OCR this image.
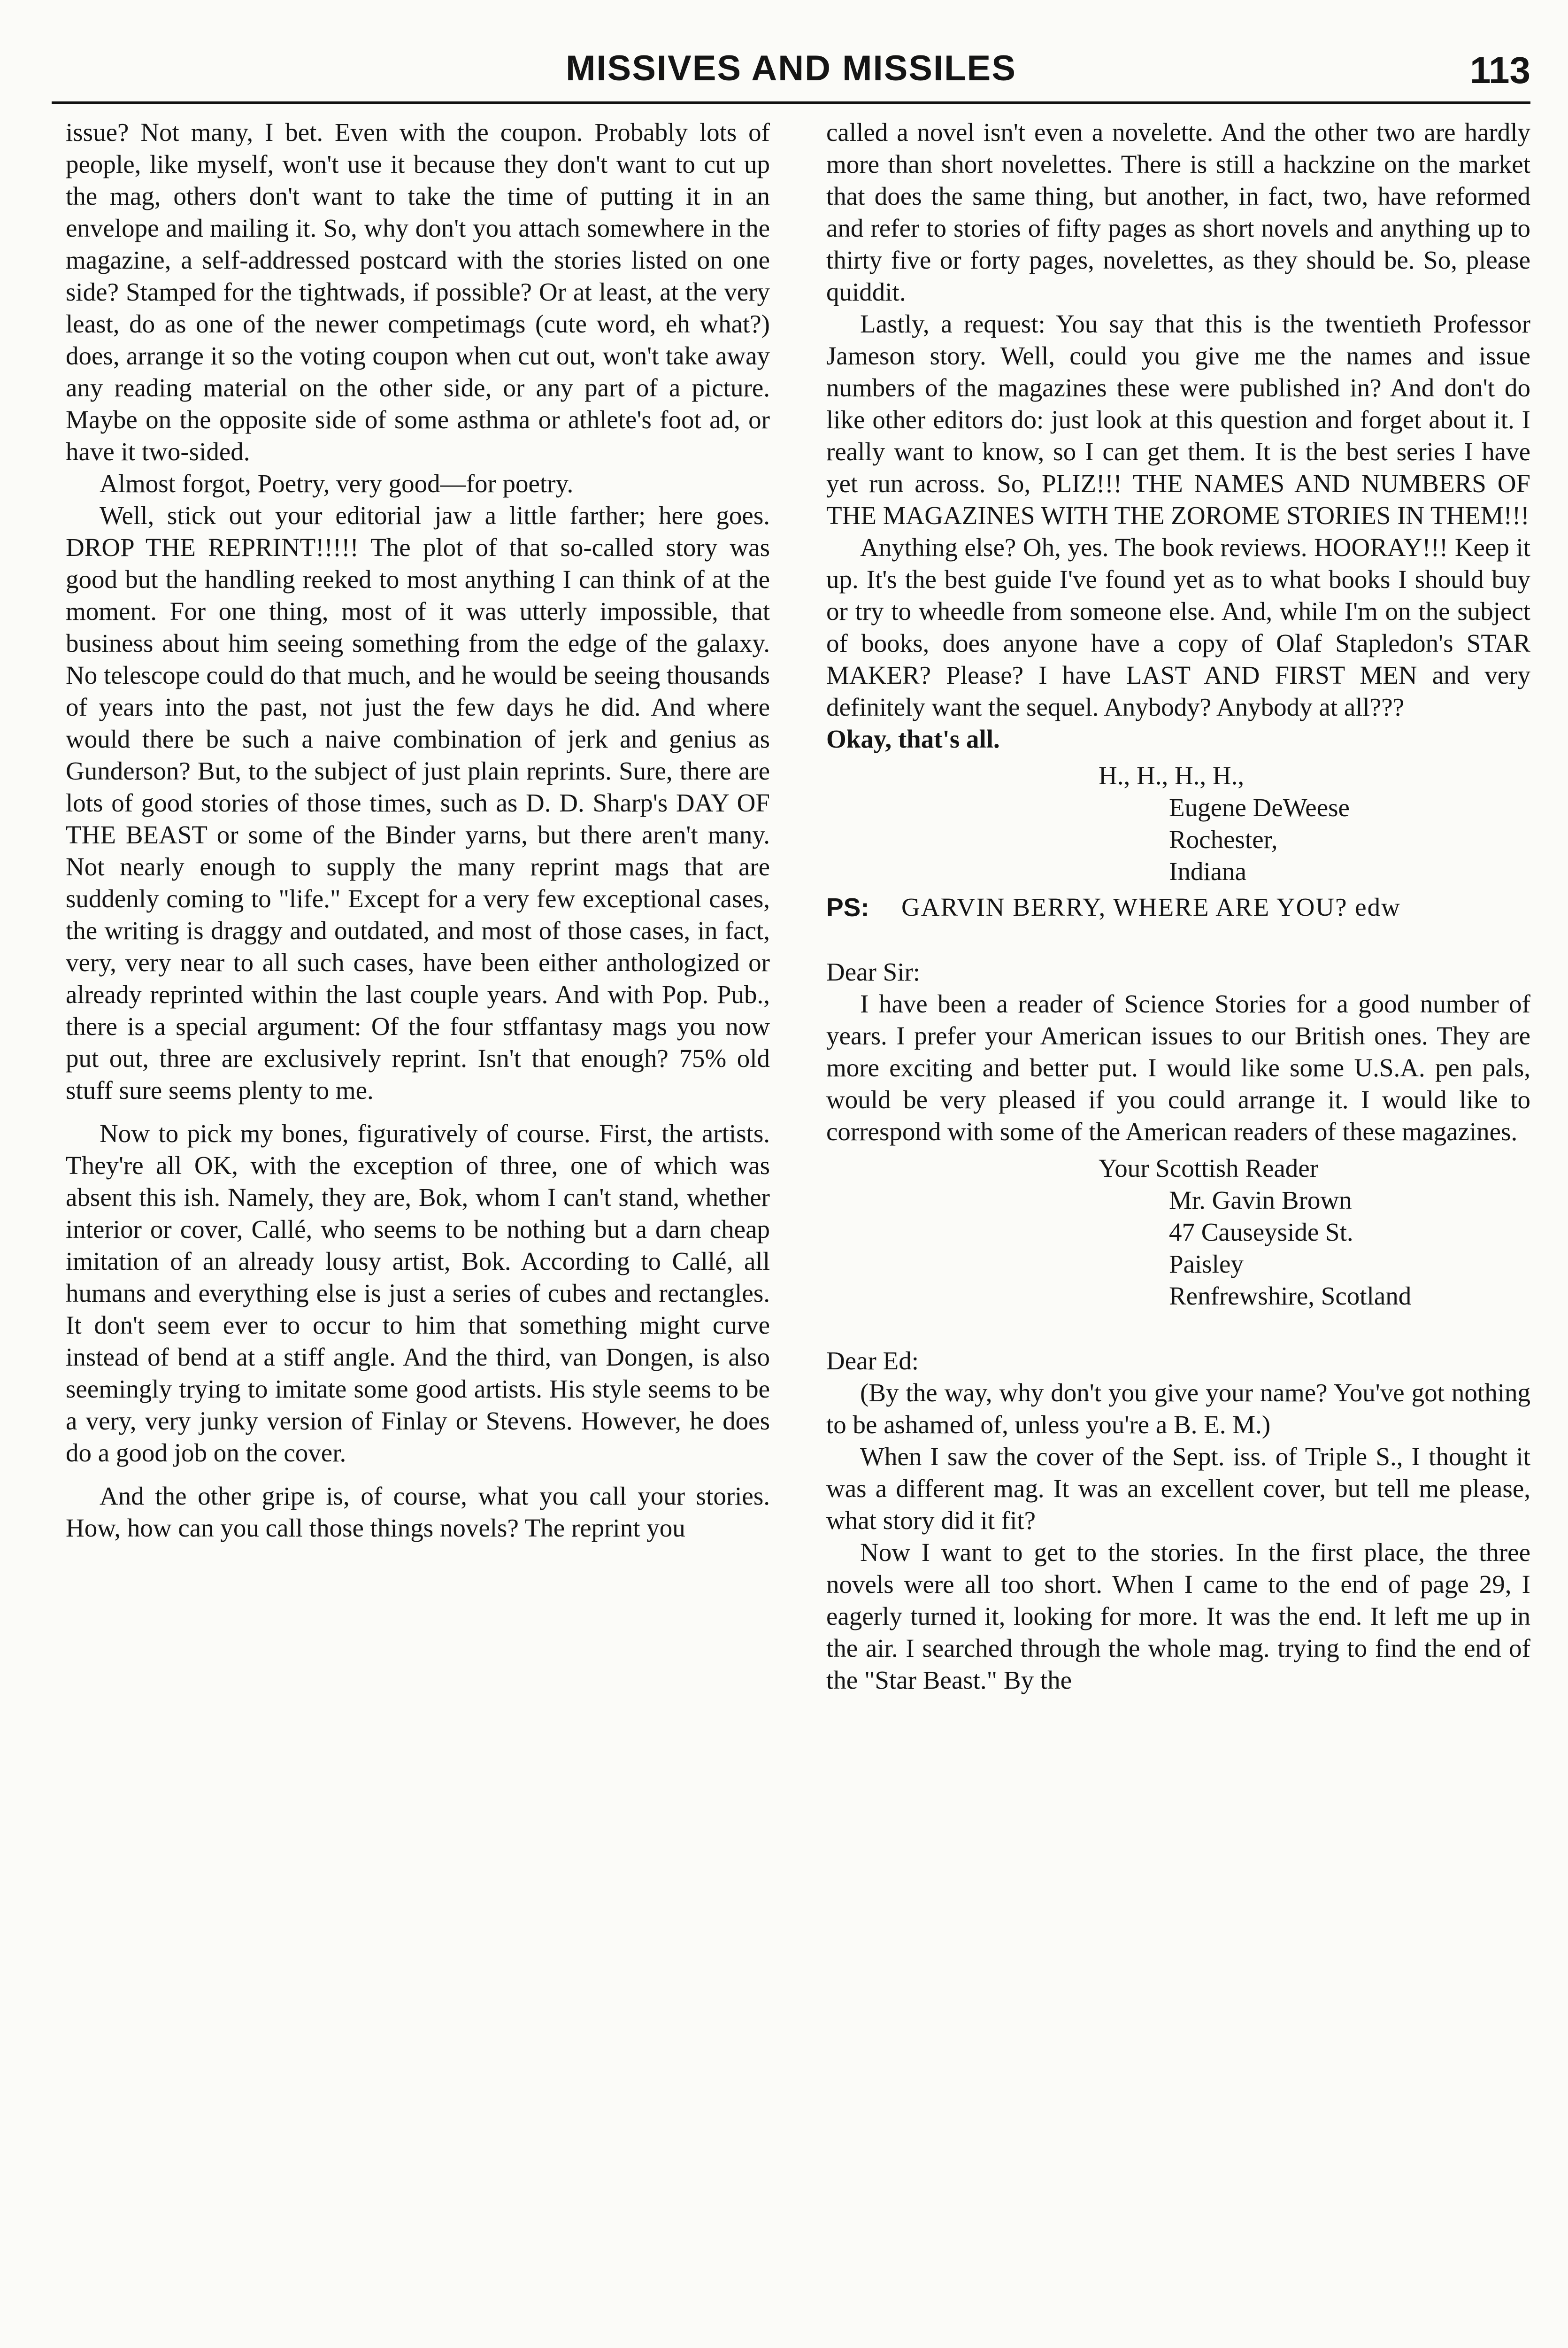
MISSIVES AND MISSILES	113

issue? Not many, I bet. Even with the coupon. Probably lots of people, like myself, won't use it because they don't want to cut up the mag, others don't want to take the time of putting it in an envelope and mailing it. So, why don't you attach somewhere in the magazine, a self-addressed postcard with the stories listed on one side? Stamped for the tightwads, if possible? Or at least, at the very least, do as one of the newer competimags (cute word, eh what?) does, arrange it so the voting coupon when cut out, won't take away any reading material on the other side, or any part of a picture. Maybe on the opposite side of some asthma or athlete's foot ad, or have it two-sided.

Almost forgot, Poetry, very good—for poetry.

Well, stick out your editorial jaw a little farther; here goes. DROP THE REPRINT!!!!! The plot of that so-called story was good but the handling reeked to most anything I can think of at the moment. For one thing, most of it was utterly impossible, that business about him seeing something from the edge of the galaxy. No telescope could do that much, and he would be seeing thousands of years into the past, not just the few days he did. And where would there be such a naive combination of jerk and genius as Gunderson? But, to the subject of just plain reprints. Sure, there are lots of good stories of those times, such as D. D. Sharp's DAY OF THE BEAST or some of the Binder yarns, but there aren't many. Not nearly enough to supply the many reprint mags that are suddenly coming to "life." Except for a very few exceptional cases, the writing is draggy and outdated, and most of those cases, in fact, very, very near to all such cases, have been either anthologized or already reprinted within the last couple years. And with Pop. Pub., there is a special argument: Of the four stffantasy mags you now put out, three are exclusively reprint. Isn't that enough? 75% old stuff sure seems plenty to me.

Now to pick my bones, figuratively of course. First, the artists. They're all OK, with the exception of three, one of which was absent this ish. Namely, they are, Bok, whom I can't stand, whether interior or cover, Callé, who seems to be nothing but a darn cheap imitation of an already lousy artist, Bok. According to Callé, all humans and everything else is just a series of cubes and rectangles. It don't seem ever to occur to him that something might curve instead of bend at a stiff angle. And the third, van Dongen, is also seemingly trying to imitate some good artists. His style seems to be a very, very junky version of Finlay or Stevens. However, he does do a good job on the cover.

And the other gripe is, of course, what you call your stories. How, how can you call those things novels? The reprint you

called a novel isn't even a novelette. And the other two are hardly more than short novelettes. There is still a hackzine on the market that does the same thing, but another, in fact, two, have reformed and refer to stories of fifty pages as short novels and anything up to thirty five or forty pages, novelettes, as they should be. So, please quiddit.

Lastly, a request: You say that this is the twentieth Professor Jameson story. Well, could you give me the names and issue numbers of the magazines these were published in? And don't do like other editors do: just look at this question and forget about it. I really want to know, so I can get them. It is the best series I have yet run across. So, PLIZ!!! THE NAMES AND NUMBERS OF THE MAGAZINES WITH THE ZOROME STORIES IN THEM!!!

Anything else? Oh, yes. The book reviews. HOORAY!!! Keep it up. It's the best guide I've found yet as to what books I should buy or try to wheedle from someone else. And, while I'm on the subject of books, does anyone have a copy of Olaf Stapledon's STAR MAKER? Please? I have LAST AND FIRST MEN and very definitely want the sequel. Anybody? Anybody at all???

Okay, that's all.

H., H., H., H.,
Eugene DeWeese
Rochester,
Indiana
PS:	GARVIN BERRY, WHERE ARE YOU? edw

Dear Sir:

I have been a reader of Science Stories for a good number of years. I prefer your American issues to our British ones. They are more exciting and better put. I would like some U.S.A. pen pals, would be very pleased if you could arrange it. I would like to correspond with some of the American readers of these magazines.

Your Scottish Reader
Mr. Gavin Brown
47 Causeyside St.
Paisley
Renfrewshire, Scotland

Dear Ed:

(By the way, why don't you give your name? You've got nothing to be ashamed of, unless you're a B. E. M.)

When I saw the cover of the Sept. iss. of Triple S., I thought it was a different mag. It was an excellent cover, but tell me please, what story did it fit?

Now I want to get to the stories. In the first place, the three novels were all too short. When I came to the end of page 29, I eagerly turned it, looking for more. It was the end. It left me up in the air. I searched through the whole mag. trying to find the end of the "Star Beast." By the
